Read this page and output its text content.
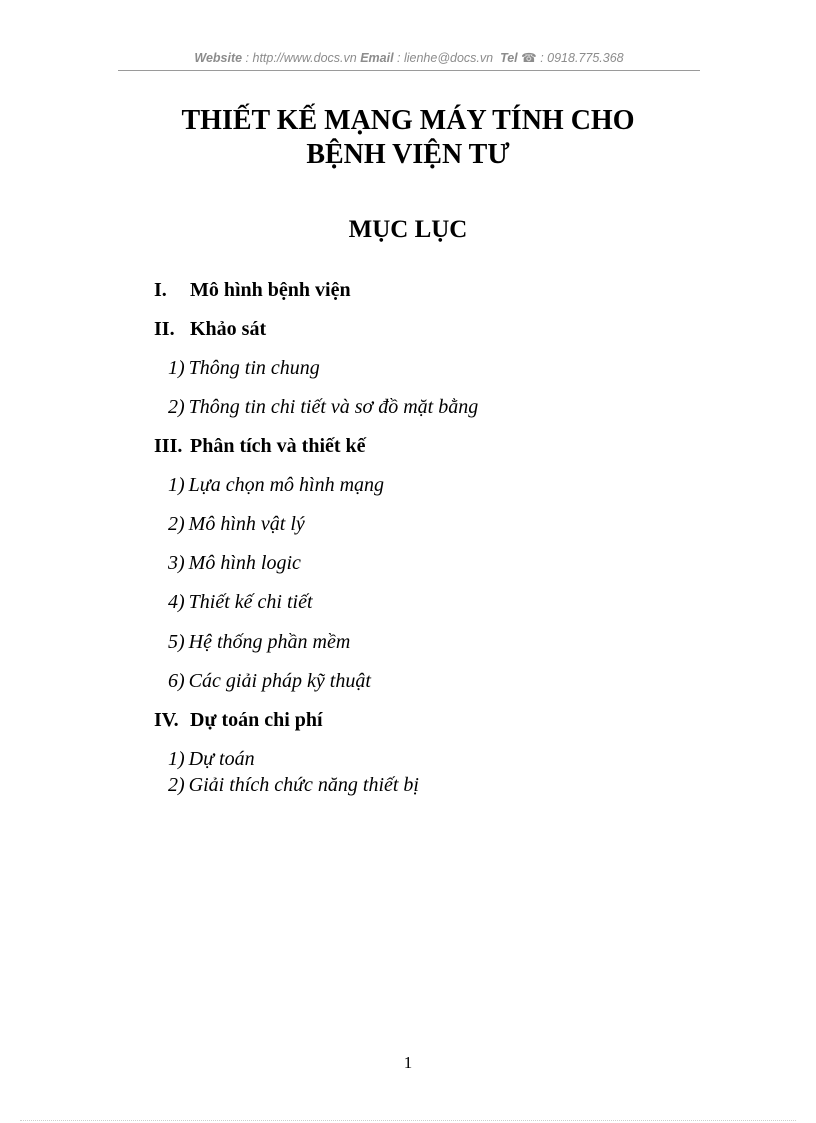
Website : http://www.docs.vn Email : lienhe@docs.vn  Tel ☎ : 0918.775.368
THIẾT KẾ MẠNG MÁY TÍNH CHO
BỆNH VIỆN TƯ
MỤC LỤC
I. Mô hình bệnh viện
II. Khảo sát
1) Thông tin chung
2) Thông tin chi tiết và sơ đồ mặt bằng
III. Phân tích và thiết kế
1) Lựa chọn mô hình mạng
2) Mô hình vật lý
3) Mô hình logic
4) Thiết kế chi tiết
5) Hệ thống phần mềm
6) Các giải pháp kỹ thuật
IV. Dự toán chi phí
1) Dự toán
2) Giải thích chức năng thiết bị
1
